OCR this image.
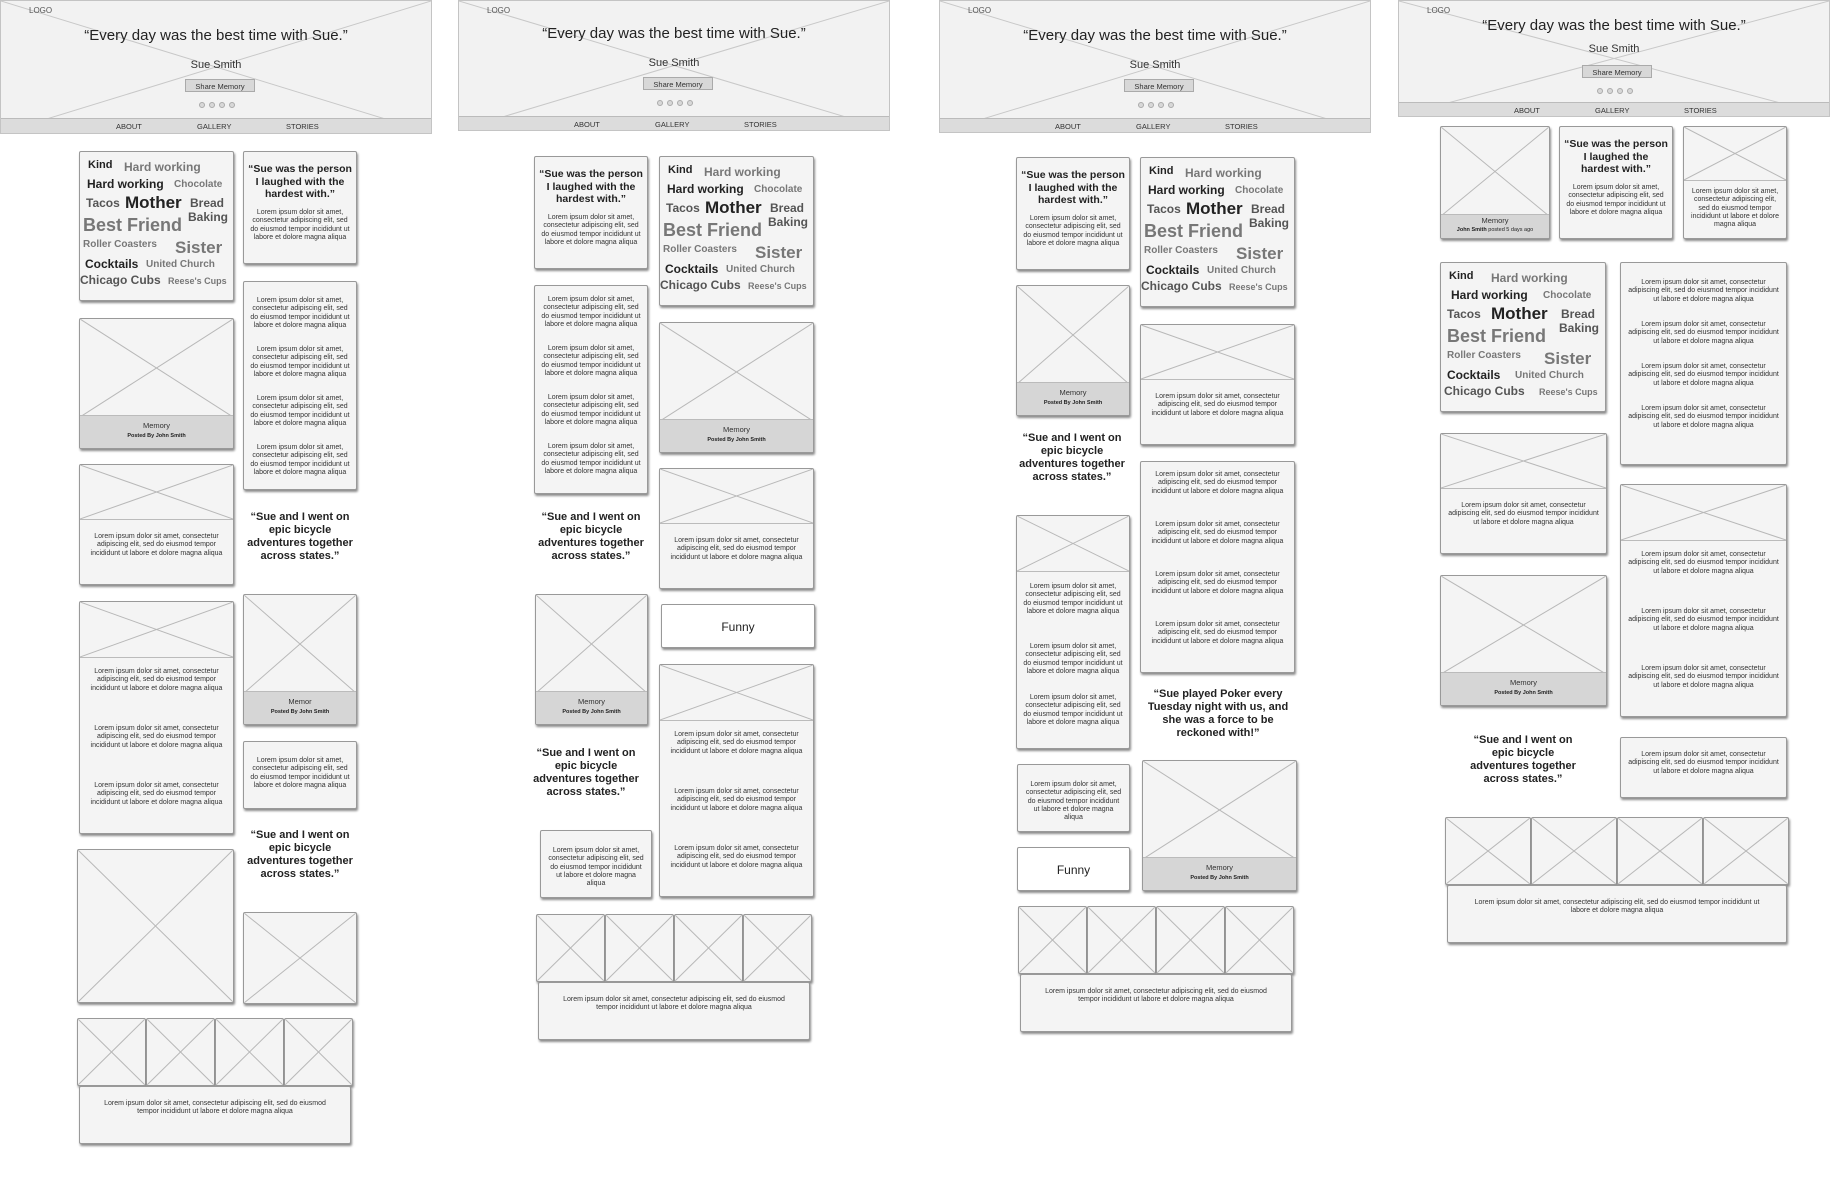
LOGO
“Every day was the best time with Sue.”
Sue Smith
Share Memory
ABOUT	GALLERY	STORIES
Kind Hard working
Hard working Chocolate
Tacos Mother Bread
Baking
Best Friend
Roller Coasters Sister
Cocktails United Church
Chicago Cubs Reese's Cups
“Sue was the person I laughed with the hardest with.”
Lorem ipsum dolor sit amet, consectetur adipiscing elit, sed do eiusmod tempor incididunt ut labore et dolore magna aliqua
Lorem ipsum dolor sit amet, consectetur adipiscing elit, sed do eiusmod tempor incididunt ut labore et dolore magna aliqua
Lorem ipsum dolor sit amet, consectetur adipiscing elit, sed do eiusmod tempor incididunt ut labore et dolore magna aliqua
Lorem ipsum dolor sit amet, consectetur adipiscing elit, sed do eiusmod tempor incididunt ut labore et dolore magna aliqua
Lorem ipsum dolor sit amet, consectetur adipiscing elit, sed do eiusmod tempor incididunt ut labore et dolore magna aliqua
Memory
Posted By John Smith
Lorem ipsum dolor sit amet, consectetur adipiscing elit, sed do eiusmod tempor incididunt ut labore et dolore magna aliqua
“Sue and I went on epic bicycle adventures together across states.”
Lorem ipsum dolor sit amet, consectetur adipiscing elit, sed do eiusmod tempor incididunt ut labore et dolore magna aliqua
Lorem ipsum dolor sit amet, consectetur adipiscing elit, sed do eiusmod tempor incididunt ut labore et dolore magna aliqua
Lorem ipsum dolor sit amet, consectetur adipiscing elit, sed do eiusmod tempor incididunt ut labore et dolore magna aliqua
Memor
Posted By John Smith
Lorem ipsum dolor sit amet, consectetur adipiscing elit, sed do eiusmod tempor incididunt ut labore et dolore magna aliqua
“Sue and I went on epic bicycle adventures together across states.”
Lorem ipsum dolor sit amet, consectetur adipiscing elit, sed do eiusmod tempor incididunt ut labore et dolore magna aliqua
LOGO
“Every day was the best time with Sue.”
Sue Smith
Share Memory
ABOUT	GALLERY	STORIES
“Sue was the person I laughed with the hardest with.”
Lorem ipsum dolor sit amet, consectetur adipiscing elit, sed do eiusmod tempor incididunt ut labore et dolore magna aliqua
Kind Hard working
Hard working Chocolate
Tacos Mother Bread
Baking
Best Friend
Roller Coasters Sister
Cocktails United Church
Chicago Cubs Reese's Cups
Lorem ipsum dolor sit amet, consectetur adipiscing elit, sed do eiusmod tempor incididunt ut labore et dolore magna aliqua
Lorem ipsum dolor sit amet, consectetur adipiscing elit, sed do eiusmod tempor incididunt ut labore et dolore magna aliqua
Lorem ipsum dolor sit amet, consectetur adipiscing elit, sed do eiusmod tempor incididunt ut labore et dolore magna aliqua
Lorem ipsum dolor sit amet, consectetur adipiscing elit, sed do eiusmod tempor incididunt ut labore et dolore magna aliqua
Memory
Posted By John Smith
“Sue and I went on epic bicycle adventures together across states.”
Lorem ipsum dolor sit amet, consectetur adipiscing elit, sed do eiusmod tempor incididunt ut labore et dolore magna aliqua
Memory
Posted By John Smith
Funny
Lorem ipsum dolor sit amet, consectetur adipiscing elit, sed do eiusmod tempor incididunt ut labore et dolore magna aliqua
Lorem ipsum dolor sit amet, consectetur adipiscing elit, sed do eiusmod tempor incididunt ut labore et dolore magna aliqua
Lorem ipsum dolor sit amet, consectetur adipiscing elit, sed do eiusmod tempor incididunt ut labore et dolore magna aliqua
“Sue and I went on epic bicycle adventures together across states.”
Lorem ipsum dolor sit amet, consectetur adipiscing elit, sed do eiusmod tempor incididunt ut labore et dolore magna aliqua
Lorem ipsum dolor sit amet, consectetur adipiscing elit, sed do eiusmod tempor incididunt ut labore et dolore magna aliqua
LOGO
“Every day was the best time with Sue.”
Sue Smith
Share Memory
ABOUT	GALLERY	STORIES
“Sue was the person I laughed with the hardest with.”
Lorem ipsum dolor sit amet, consectetur adipiscing elit, sed do eiusmod tempor incididunt ut labore et dolore magna aliqua
Kind Hard working
Hard working Chocolate
Tacos Mother Bread
Baking
Best Friend
Roller Coasters Sister
Cocktails United Church
Chicago Cubs Reese's Cups
Memory
Posted By John Smith
Lorem ipsum dolor sit amet, consectetur adipiscing elit, sed do eiusmod tempor incididunt ut labore et dolore magna aliqua
“Sue and I went on epic bicycle adventures together across states.”	Lorem ipsum dolor sit amet, consectetur adipiscing elit, sed do eiusmod tempor incididunt ut labore et dolore magna aliqua
Lorem ipsum dolor sit amet, consectetur adipiscing elit, sed do eiusmod tempor incididunt ut labore et dolore magna aliqua
Lorem ipsum dolor sit amet, consectetur adipiscing elit, sed do eiusmod tempor incididunt ut labore et dolore magna aliqua
Lorem ipsum dolor sit amet, consectetur adipiscing elit, sed do eiusmod tempor incididunt ut labore et dolore magna aliqua
Lorem ipsum dolor sit amet, consectetur adipiscing elit, sed do eiusmod tempor incididunt ut labore et dolore magna aliqua
Lorem ipsum dolor sit amet, consectetur adipiscing elit, sed do eiusmod tempor incididunt ut labore et dolore magna aliqua
Lorem ipsum dolor sit amet, consectetur adipiscing elit, sed do eiusmod tempor incididunt ut labore et dolore magna aliqua
“Sue played Poker every Tuesday night with us, and she was a force to be reckoned with!”
Lorem ipsum dolor sit amet, consectetur adipiscing elit, sed do eiusmod tempor incididunt ut labore et dolore magna aliqua
Memory
Posted By John Smith
Funny
Lorem ipsum dolor sit amet, consectetur adipiscing elit, sed do eiusmod tempor incididunt ut labore et dolore magna aliqua
LOGO
“Every day was the best time with Sue.”
Sue Smith
Share Memory
ABOUT	GALLERY	STORIES
Memory
John Smith posted 5 days ago
“Sue was the person I laughed the hardest with.”
Lorem ipsum dolor sit amet, consectetur adipiscing elit, sed do eiusmod tempor incididunt ut labore et dolore magna aliqua
Lorem ipsum dolor sit amet, consectetur adipiscing elit, sed do eiusmod tempor incididunt ut labore et dolore magna aliqua
Kind Hard working
Hard working Chocolate
Tacos Mother Bread
Baking
Best Friend
Roller Coasters Sister
Cocktails United Church
Chicago Cubs Reese's Cups
Lorem ipsum dolor sit amet, consectetur adipiscing elit, sed do eiusmod tempor incididunt ut labore et dolore magna aliqua
Lorem ipsum dolor sit amet, consectetur adipiscing elit, sed do eiusmod tempor incididunt ut labore et dolore magna aliqua
Lorem ipsum dolor sit amet, consectetur adipiscing elit, sed do eiusmod tempor incididunt ut labore et dolore magna aliqua
Lorem ipsum dolor sit amet, consectetur adipiscing elit, sed do eiusmod tempor incididunt ut labore et dolore magna aliqua
Lorem ipsum dolor sit amet, consectetur adipiscing elit, sed do eiusmod tempor incididunt ut labore et dolore magna aliqua
Lorem ipsum dolor sit amet, consectetur adipiscing elit, sed do eiusmod tempor incididunt ut labore et dolore magna aliqua
Lorem ipsum dolor sit amet, consectetur adipiscing elit, sed do eiusmod tempor incididunt ut labore et dolore magna aliqua
Lorem ipsum dolor sit amet, consectetur adipiscing elit, sed do eiusmod tempor incididunt ut labore et dolore magna aliqua
Memory
Posted By John Smith
“Sue and I went on epic bicycle adventures together across states.”
Lorem ipsum dolor sit amet, consectetur adipiscing elit, sed do eiusmod tempor incididunt ut labore et dolore magna aliqua
Lorem ipsum dolor sit amet, consectetur adipiscing elit, sed do eiusmod tempor incididunt ut labore et dolore magna aliqua
